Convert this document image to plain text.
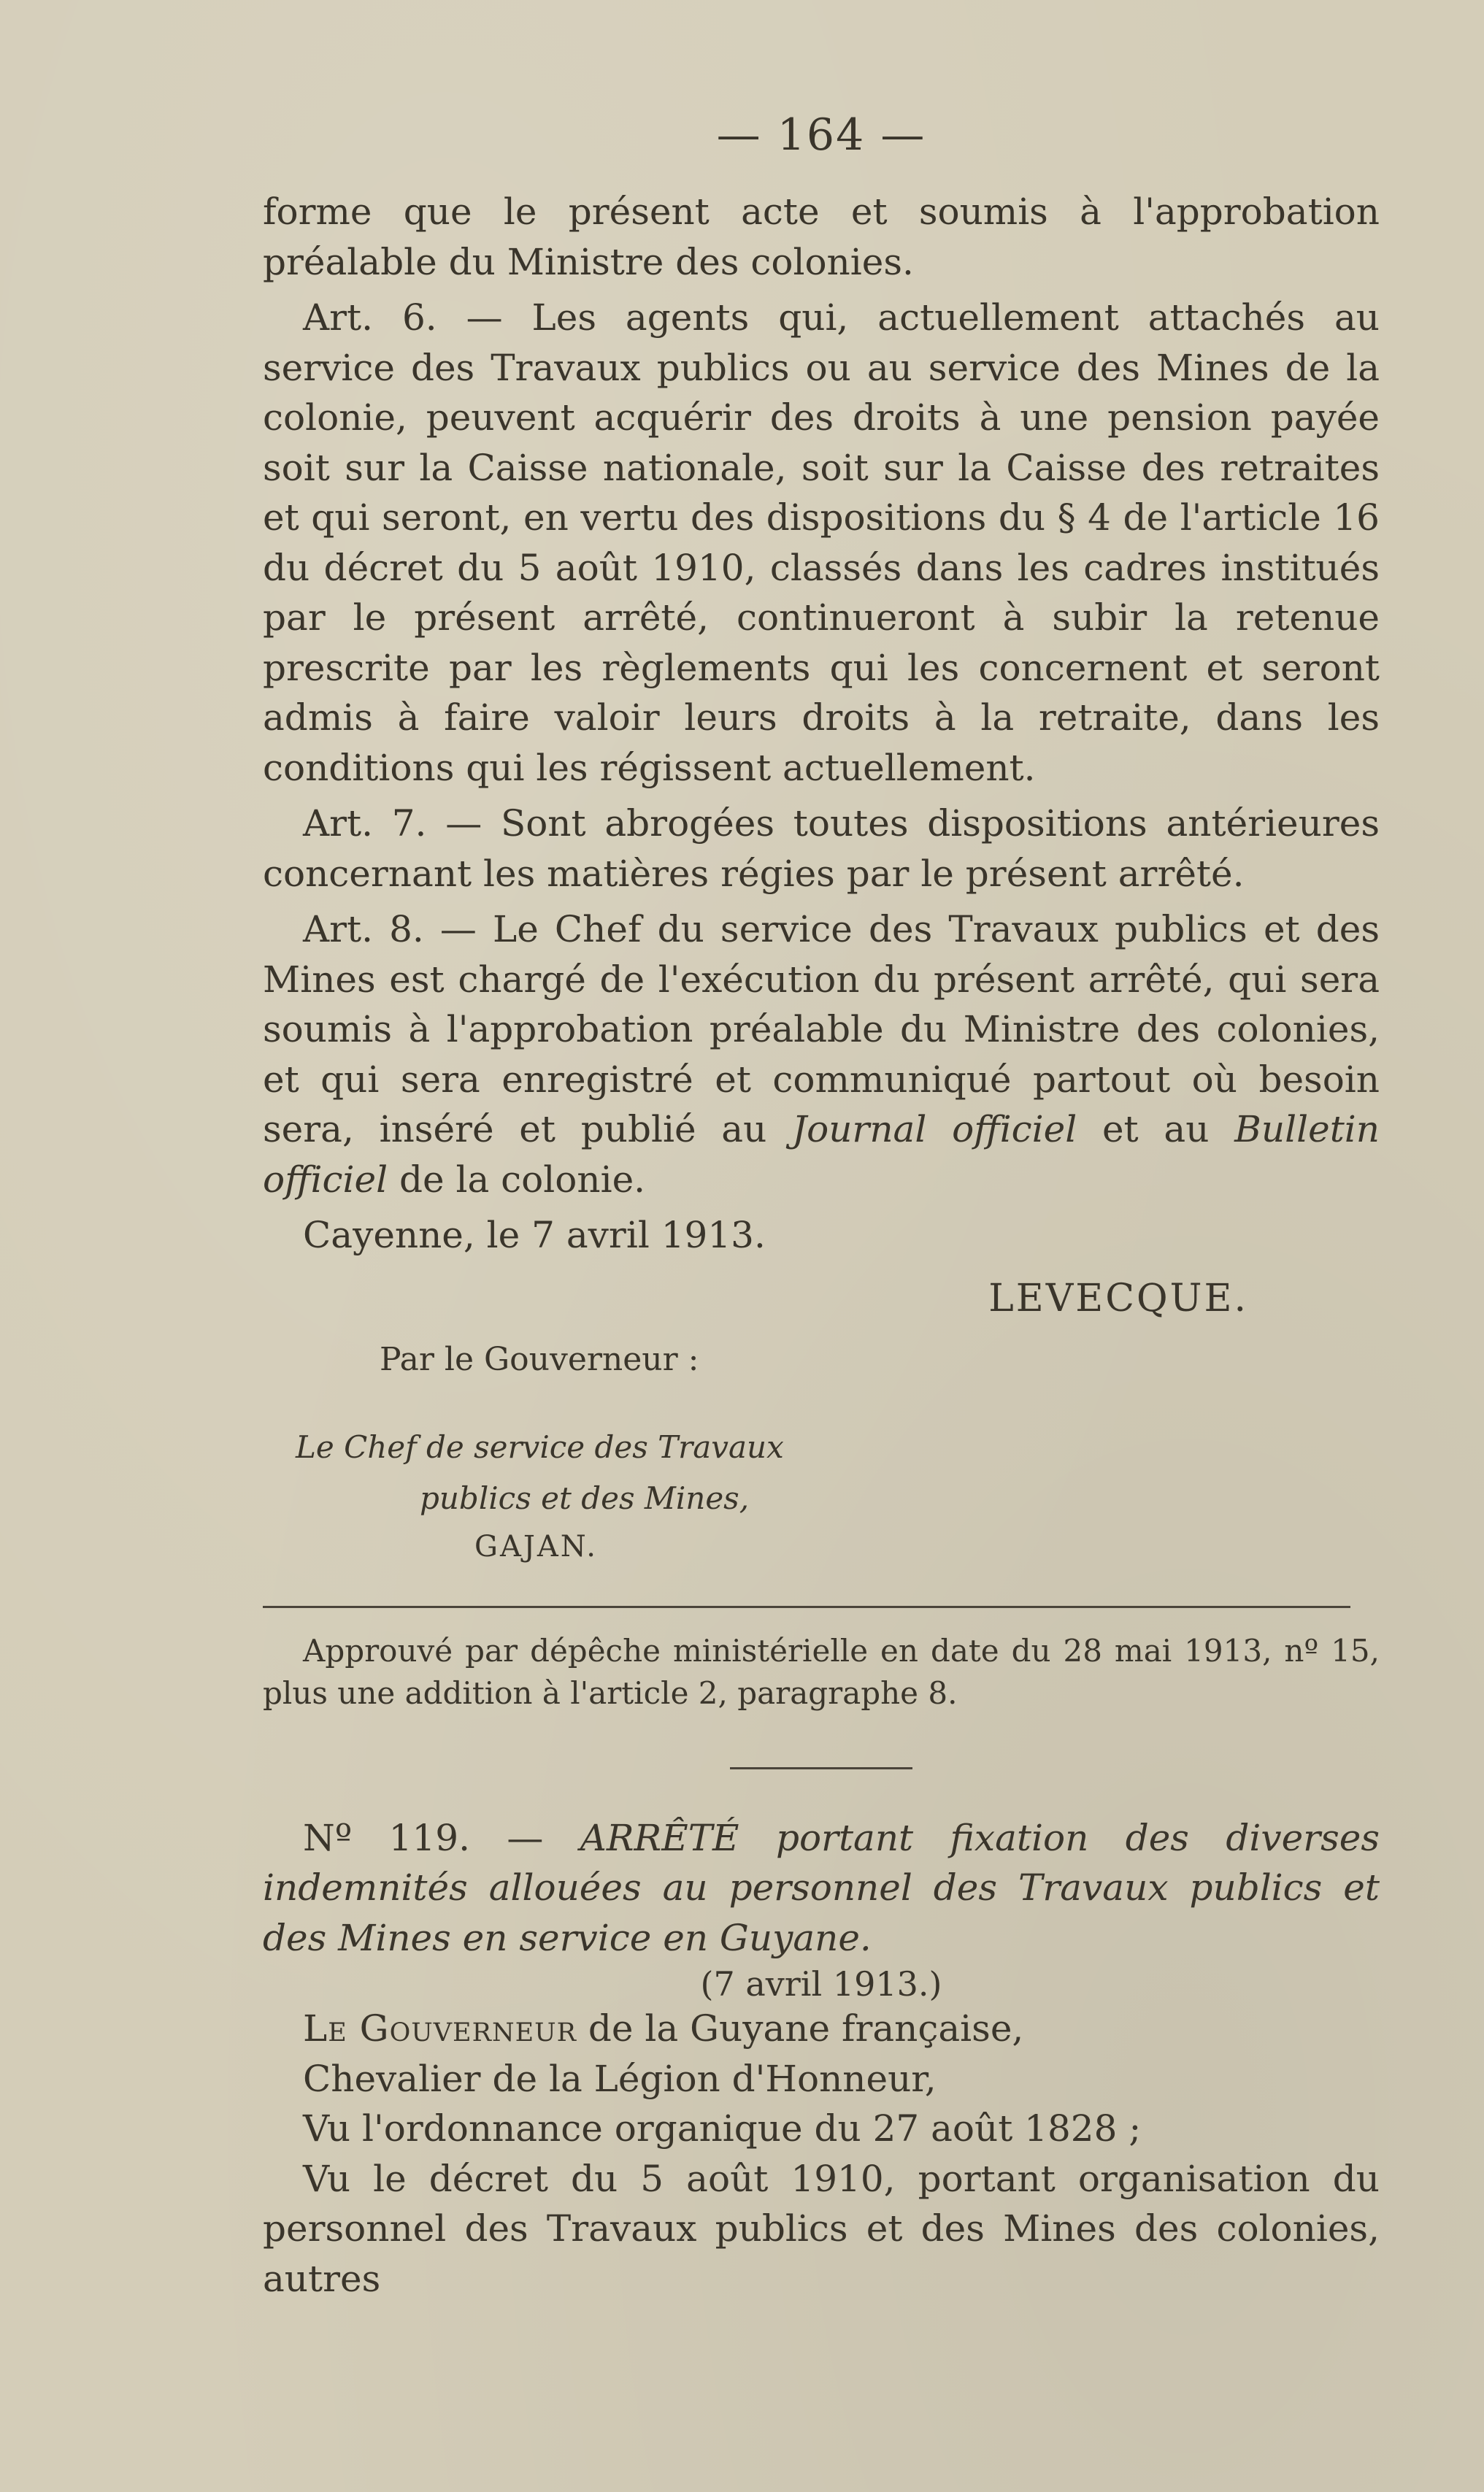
— 164 —

forme que le présent acte et soumis à l'approbation préalable du Ministre des colonies.

Art. 6. — Les agents qui, actuellement attachés au service des Travaux publics ou au service des Mines de la colonie, peuvent acquérir des droits à une pension payée soit sur la Caisse nationale, soit sur la Caisse des retraites et qui seront, en vertu des dispositions du § 4 de l'article 16 du décret du 5 août 1910, classés dans les cadres institués par le présent arrêté, continueront à subir la retenue prescrite par les règlements qui les concernent et seront admis à faire valoir leurs droits à la retraite, dans les conditions qui les régissent actuellement.

Art. 7. — Sont abrogées toutes dispositions antérieures concernant les matières régies par le présent arrêté.

Art. 8. — Le Chef du service des Travaux publics et des Mines est chargé de l'exécution du présent arrêté, qui sera soumis à l'approbation préalable du Ministre des colonies, et qui sera enregistré et communiqué partout où besoin sera, inséré et publié au Journal officiel et au Bulletin officiel de la colonie.

Cayenne, le 7 avril 1913.

LEVECQUE.
Par le Gouverneur :
Le Chef de service des Travaux
publics et des Mines,
GAJAN.

Approuvé par dépêche ministérielle en date du 28 mai 1913, nº 15, plus une addition à l'article 2, paragraphe 8.

Nº 119. — ARRÊTÉ portant fixation des diverses indemnités allouées au personnel des Travaux publics et des Mines en service en Guyane.

(7 avril 1913.)

Le Gouverneur de la Guyane française,

Chevalier de la Légion d'Honneur,

Vu l'ordonnance organique du 27 août 1828 ;

Vu le décret du 5 août 1910, portant organisation du personnel des Travaux publics et des Mines des colonies, autres
